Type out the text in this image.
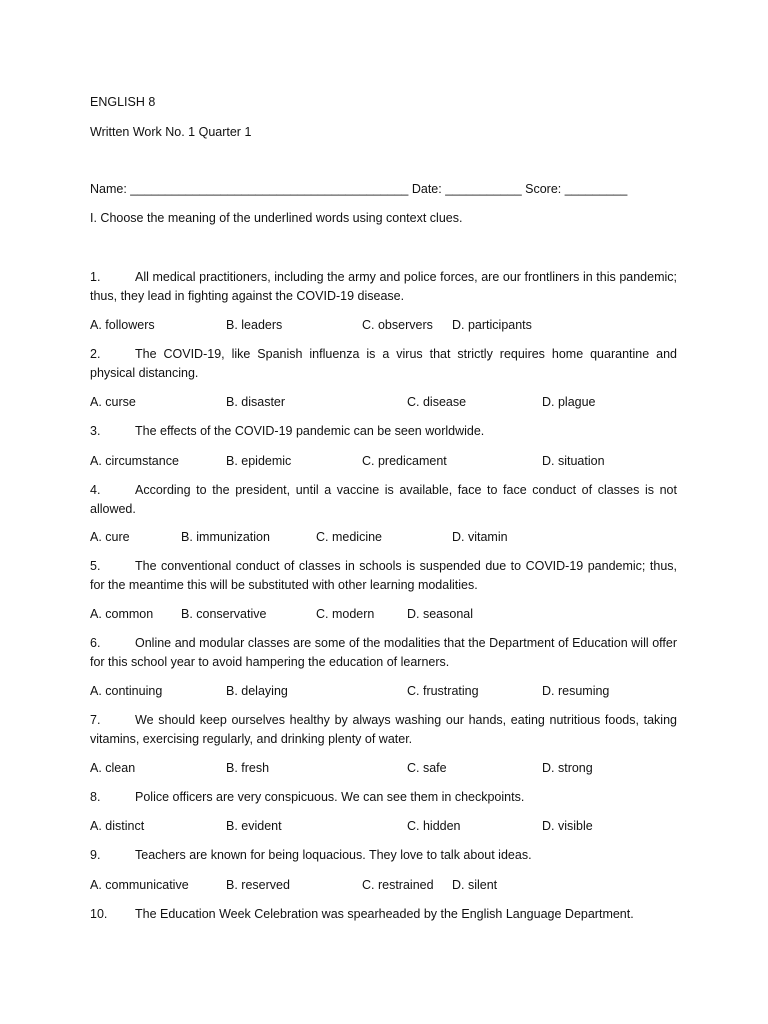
ENGLISH 8
Written Work No. 1 Quarter 1
Name: ________________________________________ Date: ___________ Score: _________
I. Choose the meaning of the underlined words using context clues.
1.	All medical practitioners, including the army and police forces, are our frontliners in this pandemic; thus, they lead in fighting against the COVID-19 disease.
A. followers	B. leaders	C. observers D. participants
2.	The COVID-19, like Spanish influenza is a virus that strictly requires home quarantine and physical distancing.
A. curse	B. disaster	C. disease	D. plague
3.	The effects of the COVID-19 pandemic can be seen worldwide.
A. circumstance	B. epidemic	C. predicament	D. situation
4.	According to the president, until a vaccine is available, face to face conduct of classes is not allowed.
A. cure	B. immunization	C. medicine	D. vitamin
5.	The conventional conduct of classes in schools is suspended due to COVID-19 pandemic; thus, for the meantime this will be substituted with other learning modalities.
A. common B. conservative	C. modern	D. seasonal
6.	Online and modular classes are some of the modalities that the Department of Education will offer for this school year to avoid hampering the education of learners.
A. continuing	B. delaying	C. frustrating	D. resuming
7.	We should keep ourselves healthy by always washing our hands, eating nutritious foods, taking vitamins, exercising regularly, and drinking plenty of water.
A. clean	B. fresh	C. safe	D. strong
8.	Police officers are very conspicuous. We can see them in checkpoints.
A. distinct	B. evident	C. hidden	D. visible
9.	Teachers are known for being loquacious. They love to talk about ideas.
A. communicative	B. reserved	C. restrained D. silent
10. The Education Week Celebration was spearheaded by the English Language Department.
